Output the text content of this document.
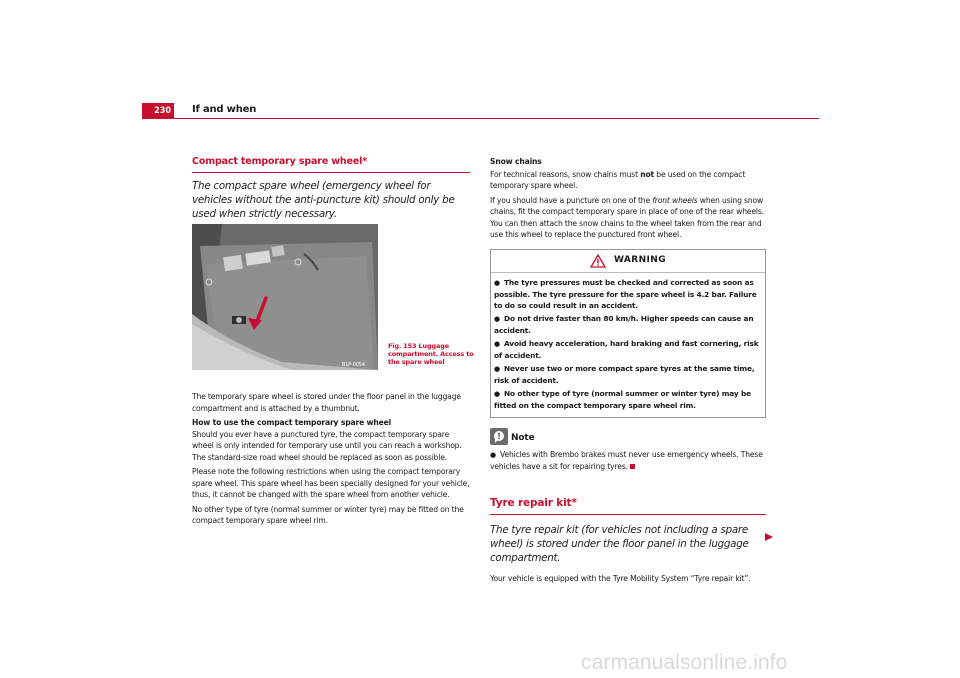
230	If and when
Compact temporary spare wheel*

The compact spare wheel (emergency wheel for vehicles without the anti-puncture kit) should only be used when strictly necessary.

B1P-0054
Fig. 153 Luggage compartment. Access to the spare wheel

The temporary spare wheel is stored under the floor panel in the luggage compartment and is attached by a thumbnut.

How to use the compact temporary spare wheel

Should you ever have a punctured tyre, the compact temporary spare wheel is only intended for temporary use until you can reach a workshop. The standard-size road wheel should be replaced as soon as possible.

Please note the following restrictions when using the compact temporary spare wheel. This spare wheel has been specially designed for your vehicle, thus, it cannot be changed with the spare wheel from another vehicle.

No other type of tyre (normal summer or winter tyre) may be fitted on the compact temporary spare wheel rim.

Snow chains

For technical reasons, snow chains must not be used on the compact temporary spare wheel.

If you should have a puncture on one of the front wheels when using snow chains, fit the compact temporary spare in place of one of the rear wheels. You can then attach the snow chains to the wheel taken from the rear and use this wheel to replace the punctured front wheel.

WARNING
● The tyre pressures must be checked and corrected as soon as possible. The tyre pressure for the spare wheel is 4.2 bar. Failure to do so could result in an accident.
● Do not drive faster than 80 km/h. Higher speeds can cause an accident.
● Avoid heavy acceleration, hard braking and fast cornering, risk of accident.
● Never use two or more compact spare tyres at the same time, risk of accident.
● No other type of tyre (normal summer or winter tyre) may be fitted on the compact temporary spare wheel rim.
Note
● Vehicles with Brembo brakes must never use emergency wheels. These vehicles have a sit for repairing tyres.
Tyre repair kit*

The tyre repair kit (for vehicles not including a spare wheel) is stored under the floor panel in the luggage compartment.

Your vehicle is equipped with the Tyre Mobility System “Tyre repair kit”.

carmanualsonline.info
